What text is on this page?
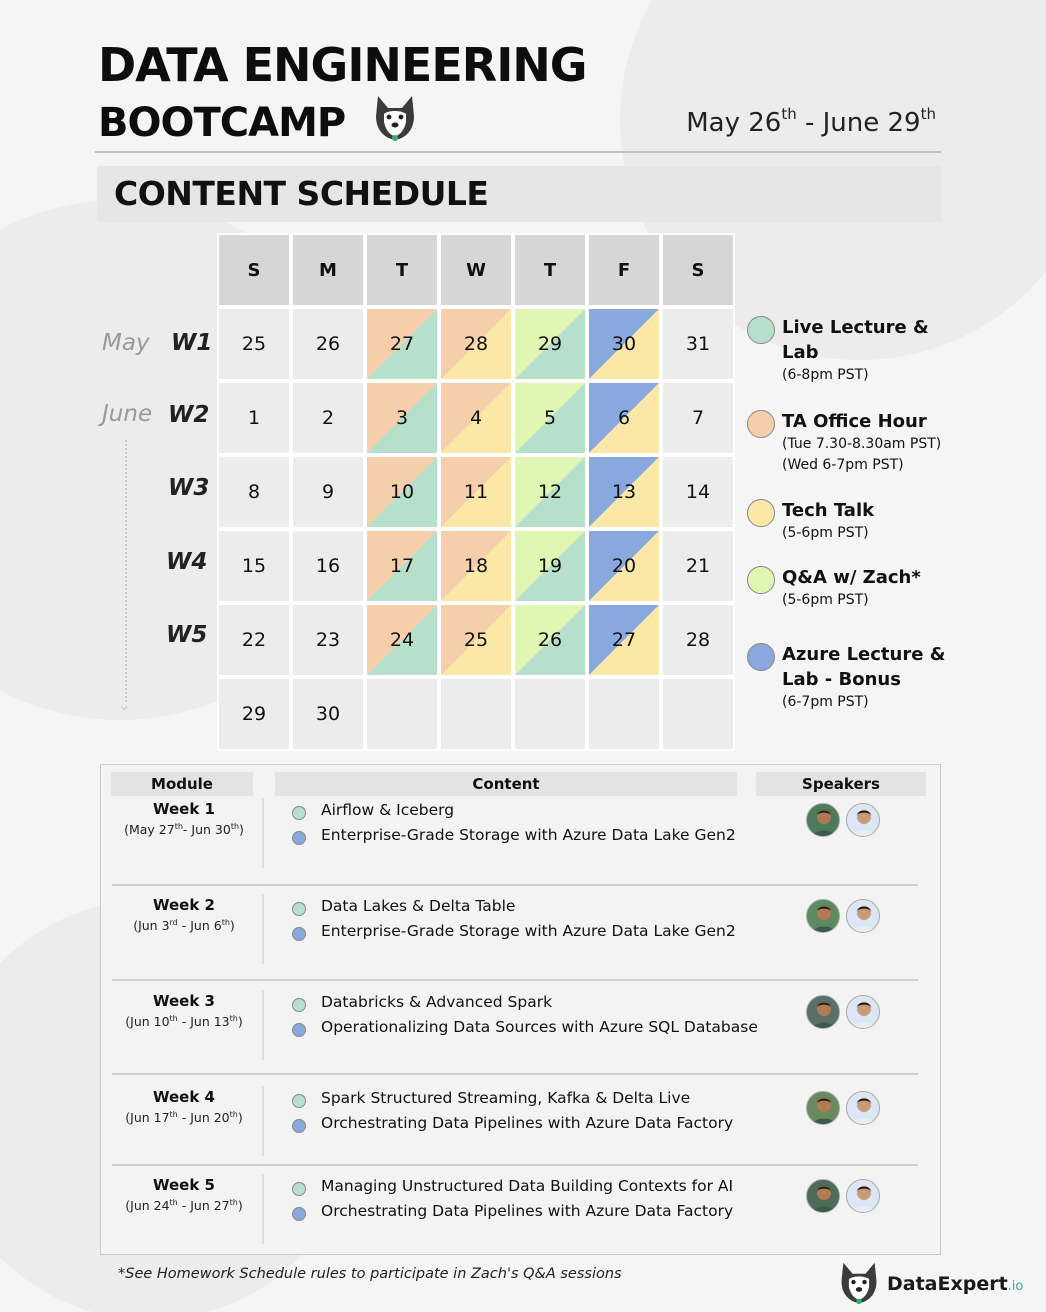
DATA ENGINEERING
BOOTCAMP	May 26th - June 29th
CONTENT SCHEDULE
S	M	T	W	T	F	S
25	26	27	28	29	30	31
1	2	3	4	5	6	7
8	9	10	11	12	13	14
15	16	17	18	19	20	21
22	23	24	25	26	27	28
29	30
May
June
W1
W2
W3
W4
W5
⌄
Live Lecture &
Lab
(6-8pm PST)
TA Office Hour
(Tue 7.30-8.30am PST)
(Wed 6-7pm PST)
Tech Talk
(5-6pm PST)
Q&A w/ Zach*
(5-6pm PST)
Azure Lecture &
Lab - Bonus
(6-7pm PST)
Module	Content	Speakers
Week 1
(May 27th- Jun 30th)
Airflow & Iceberg
Enterprise-Grade Storage with Azure Data Lake Gen2
Week 2
(Jun 3rd - Jun 6th)
Data Lakes & Delta Table
Enterprise-Grade Storage with Azure Data Lake Gen2
Week 3
(Jun 10th - Jun 13th)
Databricks & Advanced Spark
Operationalizing Data Sources with Azure SQL Database
Week 4
(Jun 17th - Jun 20th)
Spark Structured Streaming, Kafka & Delta Live
Orchestrating Data Pipelines with Azure Data Factory
Week 5
(Jun 24th - Jun 27th)
Managing Unstructured Data Building Contexts for AI
Orchestrating Data Pipelines with Azure Data Factory
*See Homework Schedule rules to participate in Zach's Q&A sessions	DataExpert.io
